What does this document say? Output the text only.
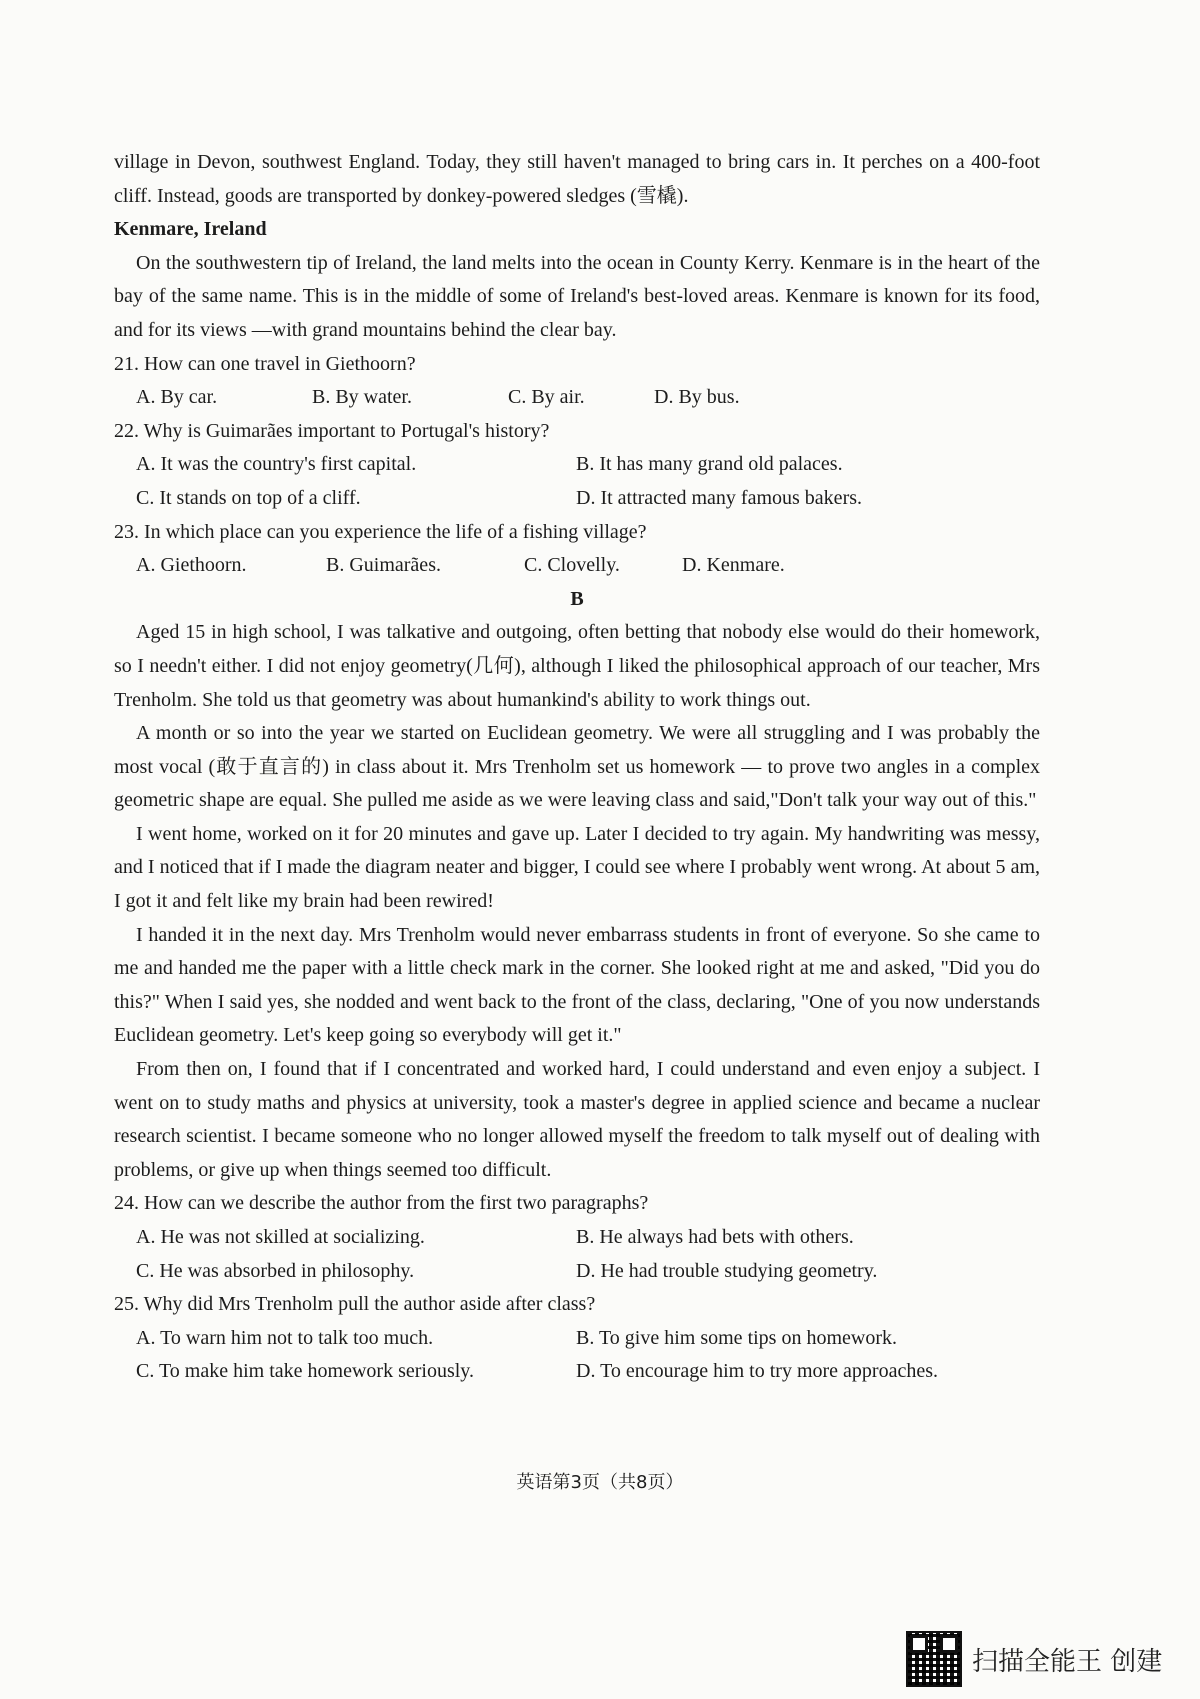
village in Devon, southwest England. Today, they still haven't managed to bring cars in. It perches on a 400-foot cliff. Instead, goods are transported by donkey-powered sledges (雪橇).

Kenmare, Ireland

On the southwestern tip of Ireland, the land melts into the ocean in County Kerry. Kenmare is in the heart of the bay of the same name. This is in the middle of some of Ireland's best-loved areas. Kenmare is known for its food, and for its views —with grand mountains behind the clear bay.

21. How can one travel in Giethoorn?

A. By car.	B. By water.	C. By air.	D. By bus.

22. Why is Guimarães important to Portugal's history?

A. It was the country's first capital.	B. It has many grand old palaces.
C. It stands on top of a cliff.	D. It attracted many famous bakers.

23. In which place can you experience the life of a fishing village?

A. Giethoorn.	B. Guimarães.	C. Clovelly.	D. Kenmare.

B

Aged 15 in high school, I was talkative and outgoing, often betting that nobody else would do their homework, so I needn't either. I did not enjoy geometry(几何), although I liked the philosophical approach of our teacher, Mrs Trenholm. She told us that geometry was about humankind's ability to work things out.

A month or so into the year we started on Euclidean geometry. We were all struggling and I was probably the most vocal (敢于直言的) in class about it. Mrs Trenholm set us homework — to prove two angles in a complex geometric shape are equal. She pulled me aside as we were leaving class and said,"Don't talk your way out of this."

I went home, worked on it for 20 minutes and gave up. Later I decided to try again. My handwriting was messy, and I noticed that if I made the diagram neater and bigger, I could see where I probably went wrong. At about 5 am, I got it and felt like my brain had been rewired!

I handed it in the next day. Mrs Trenholm would never embarrass students in front of everyone. So she came to me and handed me the paper with a little check mark in the corner. She looked right at me and asked, "Did you do this?" When I said yes, she nodded and went back to the front of the class, declaring, "One of you now understands Euclidean geometry. Let's keep going so everybody will get it."

From then on, I found that if I concentrated and worked hard, I could understand and even enjoy a subject. I went on to study maths and physics at university, took a master's degree in applied science and became a nuclear research scientist. I became someone who no longer allowed myself the freedom to talk myself out of dealing with problems, or give up when things seemed too difficult.

24. How can we describe the author from the first two paragraphs?

A. He was not skilled at socializing.	B. He always had bets with others.
C. He was absorbed in philosophy.	D. He had trouble studying geometry.

25. Why did Mrs Trenholm pull the author aside after class?

A. To warn him not to talk too much.	B. To give him some tips on homework.
C. To make him take homework seriously.	D. To encourage him to try more approaches.
英语第3页（共8页）
扫描全能王 创建
